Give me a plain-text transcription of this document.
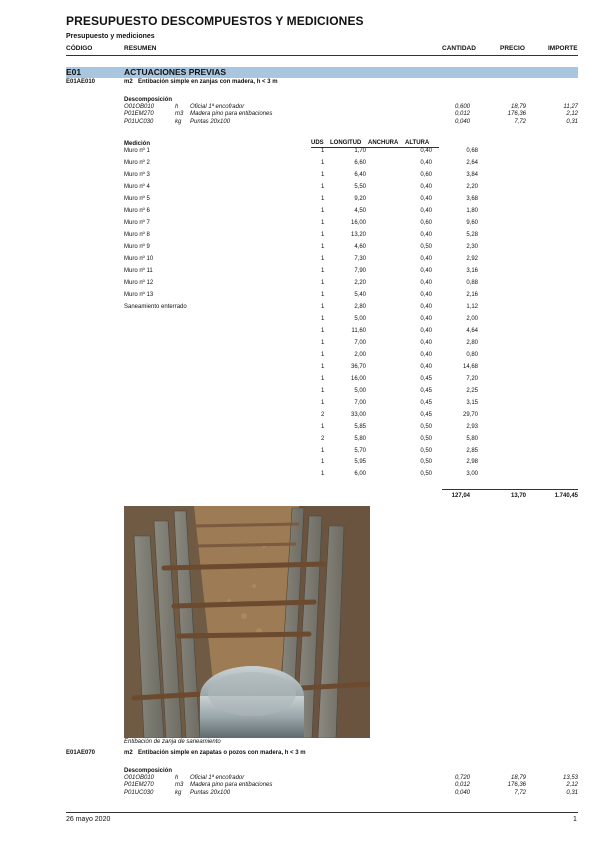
PRESUPUESTO DESCOMPUESTOS Y MEDICIONES
Presupuesto y mediciones
CÓDIGO	RESUMEN	CANTIDAD	PRECIO	IMPORTE
E01	ACTUACIONES PREVIAS
E01AE010	m2 Entibación simple en zanjas con madera, h < 3 m
Descomposición
O01OB010	h Oficial 1ª encofrador	0,600	18,79	11,27
P01EM270	m3 Madera pino para entibaciones	0,012	176,36	2,12
P01UC030	kg Puntas 20x100	0,040	7,72	0,31
Medición	UDS LONGITUD ANCHURA ALTURA
Muro nº 1	1	1,70	0,40	0,68
Muro nº 2	1	6,60	0,40	2,64
Muro nº 3	1	6,40	0,60	3,84
Muro nº 4	1	5,50	0,40	2,20
Muro nº 5	1	9,20	0,40	3,68
Muro nº 6	1	4,50	0,40	1,80
Muro nº 7	1	16,00	0,60	9,60
Muro nº 8	1	13,20	0,40	5,28
Muro nº 9	1	4,60	0,50	2,30
Muro nº 10	1	7,30	0,40	2,92
Muro nº 11	1	7,90	0,40	3,16
Muro nº 12	1	2,20	0,40	0,88
Muro nº 13	1	5,40	0,40	2,16
Saneamiento enterrado	1	2,80	0,40	1,12
1	5,00	0,40	2,00
1	11,60	0,40	4,64
1	7,00	0,40	2,80
1	2,00	0,40	0,80
1	36,70	0,40	14,68
1	16,00	0,45	7,20
1	5,00	0,45	2,25
1	7,00	0,45	3,15
2	33,00	0,45	29,70
1	5,85	0,50	2,93
2	5,80	0,50	5,80
1	5,70	0,50	2,85
1	5,95	0,50	2,98
1	6,00	0,50	3,00
127,04	13,70	1.740,45
Entibación de zanja de saneamiento
E01AE070	m2 Entibación simple en zapatas o pozos con madera, h < 3 m
Descomposición
O01OB010	h Oficial 1ª encofrador	0,720	18,79	13,53
P01EM270	m3 Madera pino para entibaciones	0,012	176,36	2,12
P01UC030	kg Puntas 20x100	0,040	7,72	0,31
26 mayo 2020	1
